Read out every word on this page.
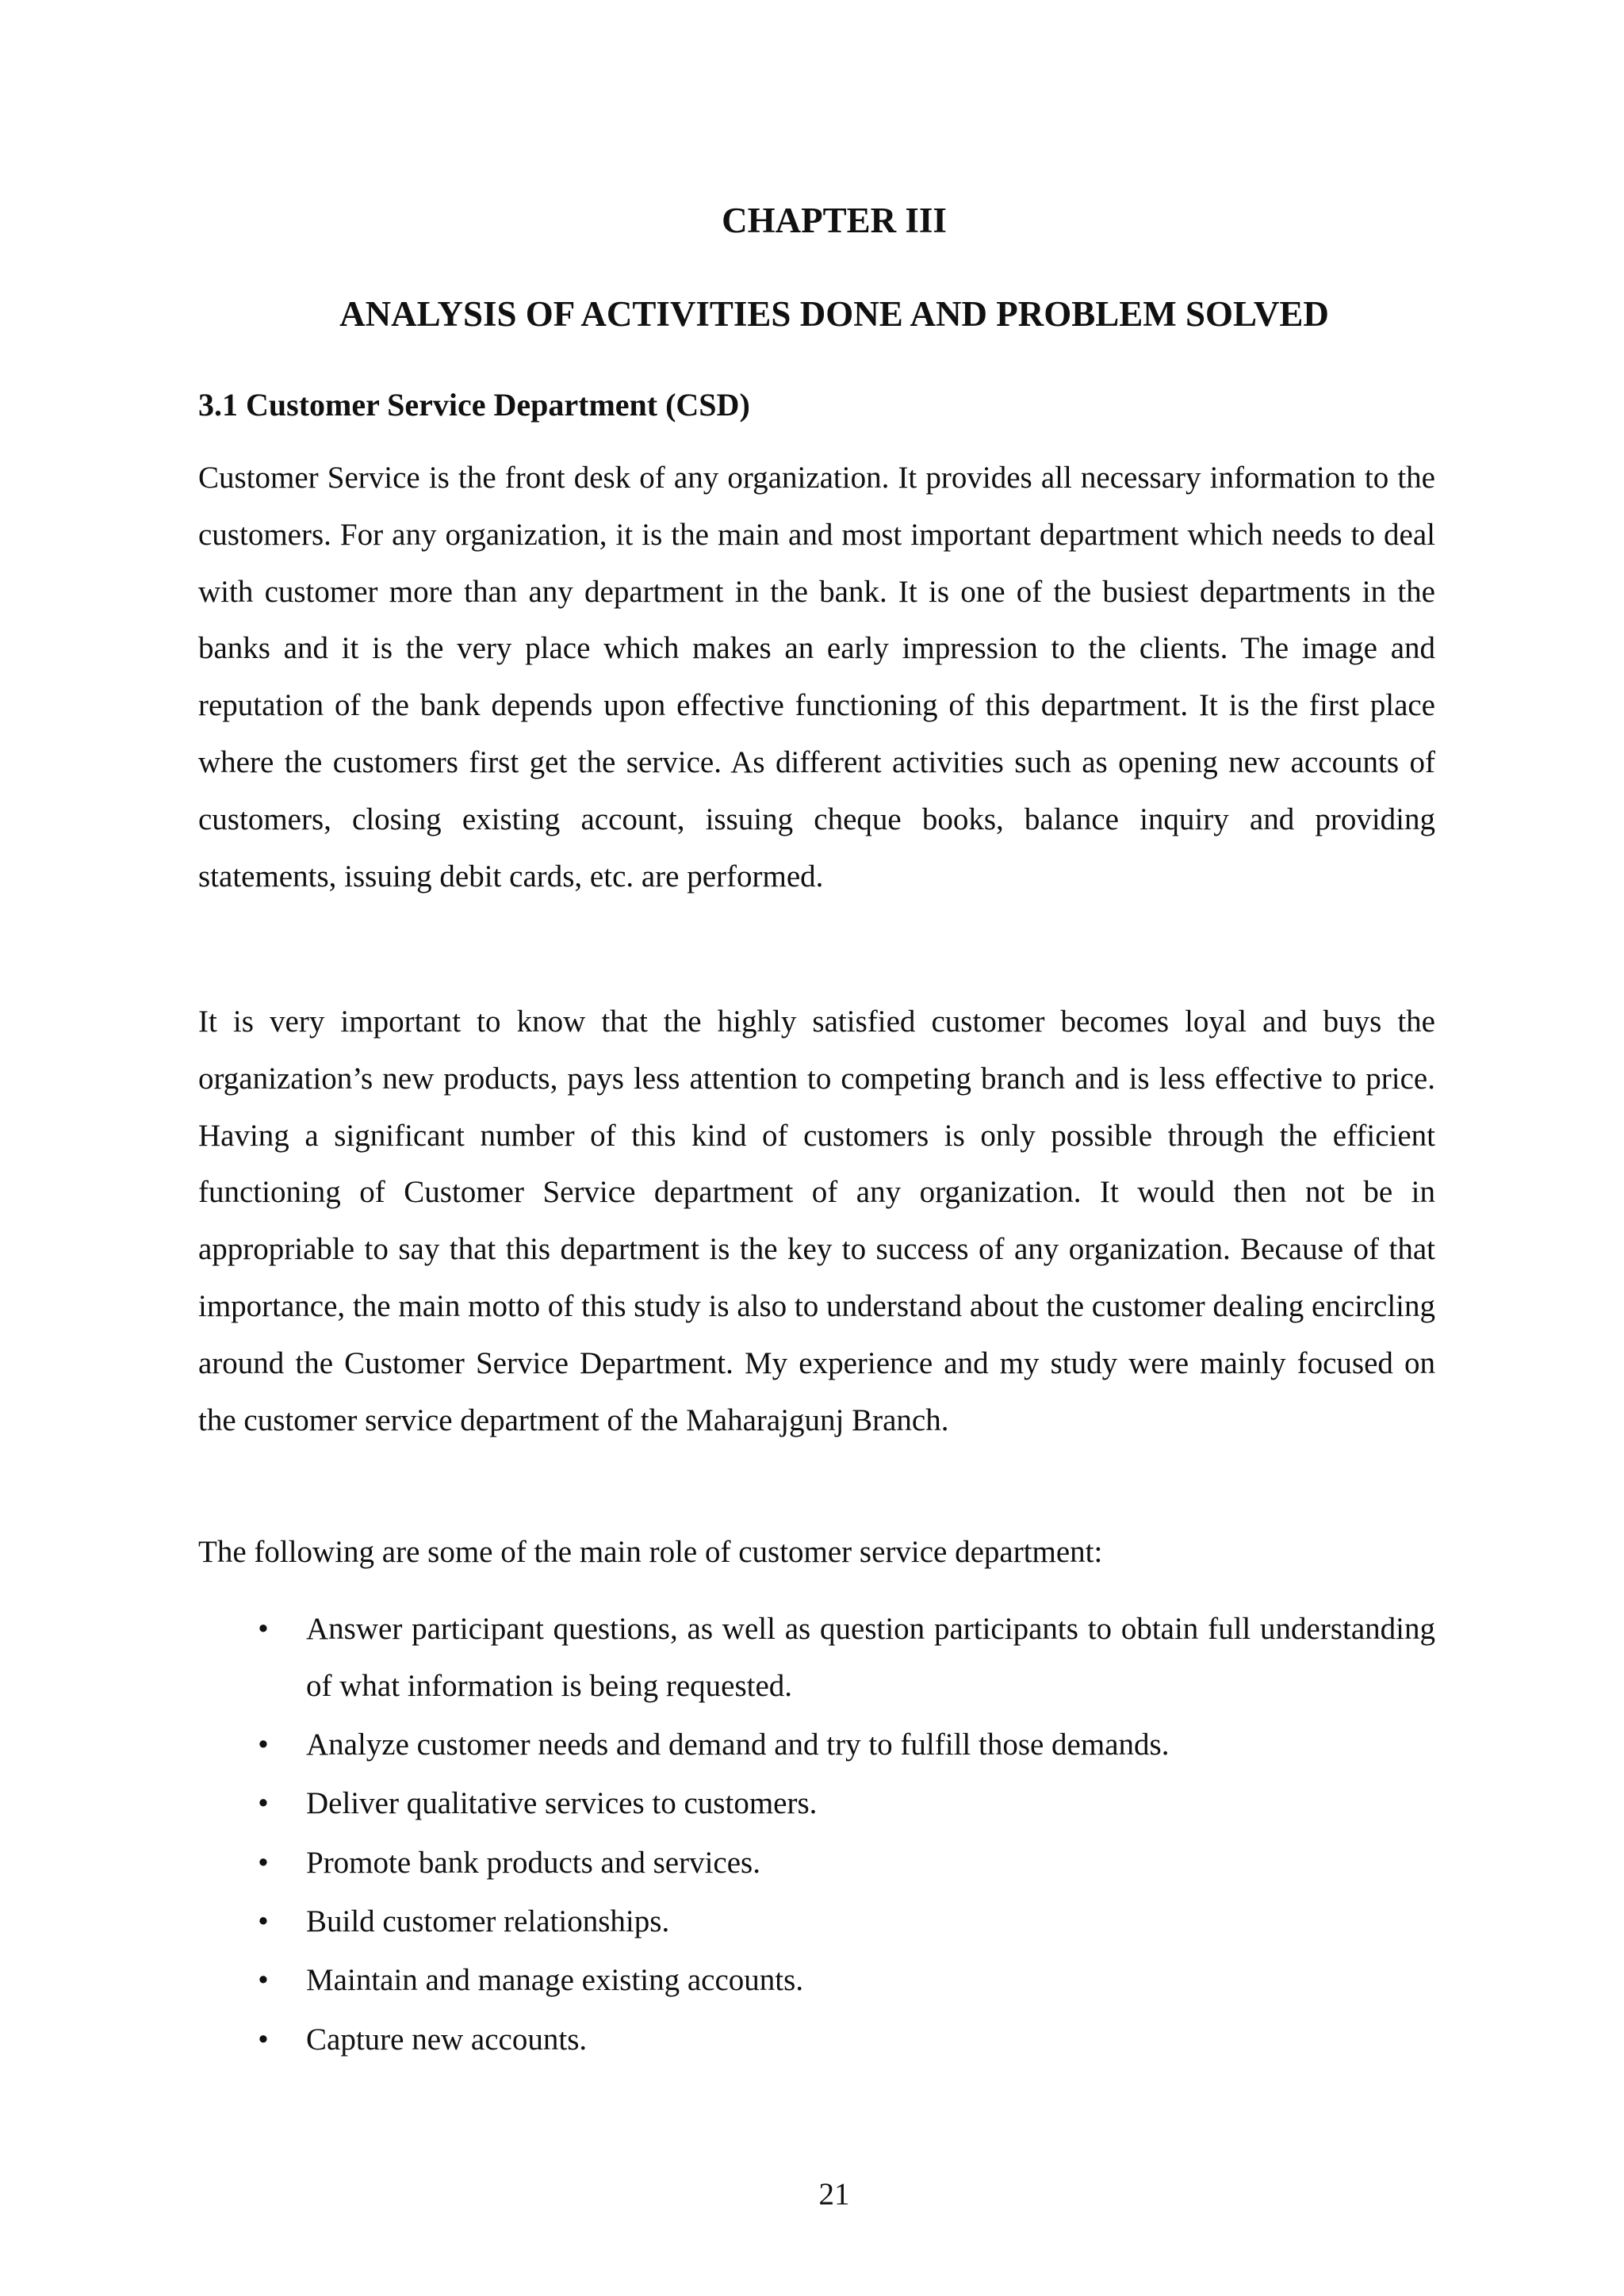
CHAPTER III
ANALYSIS OF ACTIVITIES DONE AND PROBLEM SOLVED
3.1 Customer Service Department (CSD)

Customer Service is the front desk of any organization. It provides all necessary information to the customers. For any organization, it is the main and most important department which needs to deal with customer more than any department in the bank. It is one of the busiest departments in the banks and it is the very place which makes an early impression to the clients. The image and reputation of the bank depends upon effective functioning of this department. It is the first place where the customers first get the service. As different activities such as opening new accounts of customers, closing existing account, issuing cheque books, balance inquiry and providing statements, issuing debit cards, etc. are performed.

It is very important to know that the highly satisfied customer becomes loyal and buys the organization’s new products, pays less attention to competing branch and is less effective to price. Having a significant number of this kind of customers is only possible through the efficient functioning of Customer Service department of any organization. It would then not be in appropriable to say that this department is the key to success of any organization. Because of that importance, the main motto of this study is also to understand about the customer dealing encircling around the Customer Service Department. My experience and my study were mainly focused on the customer service department of the Maharajgunj Branch.

The following are some of the main role of customer service department:

• Answer participant questions, as well as question participants to obtain full understanding of what information is being requested.
• Analyze customer needs and demand and try to fulfill those demands.
• Deliver qualitative services to customers.
• Promote bank products and services.
• Build customer relationships.
• Maintain and manage existing accounts.
• Capture new accounts.
21
